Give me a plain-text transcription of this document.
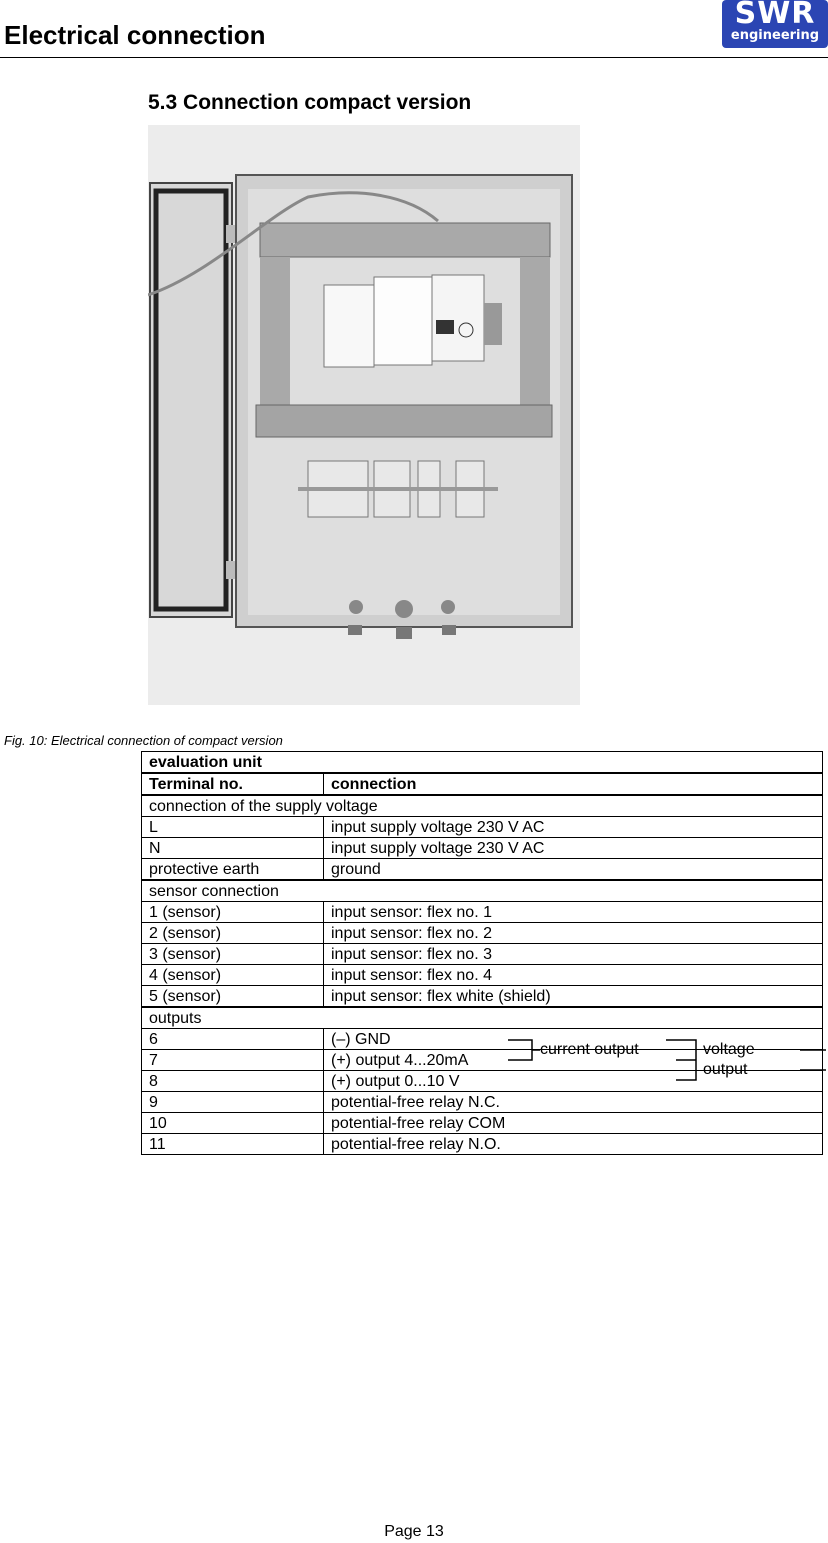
Electrical connection
SWR
engineering
5.3 Connection compact version
Fig. 10: Electrical connection of compact version
evaluation unit	
Terminal no.	connection
connection of the supply voltage	
L	input supply voltage 230 V AC
N	input supply voltage 230 V AC
protective earth	ground
sensor connection	
1 (sensor)	input sensor: flex no. 1
2 (sensor)	input sensor: flex no. 2
3 (sensor)	input sensor: flex no. 3
4 (sensor)	input sensor: flex no. 4
5 (sensor)	input sensor: flex white (shield)
outputs	
6	(–) GND
7	(+) output 4...20mA
8	(+) output 0...10 V
9	potential-free relay N.C.
10	potential-free relay COM
11	potential-free relay N.O.
current output	voltage
output
Page 13
